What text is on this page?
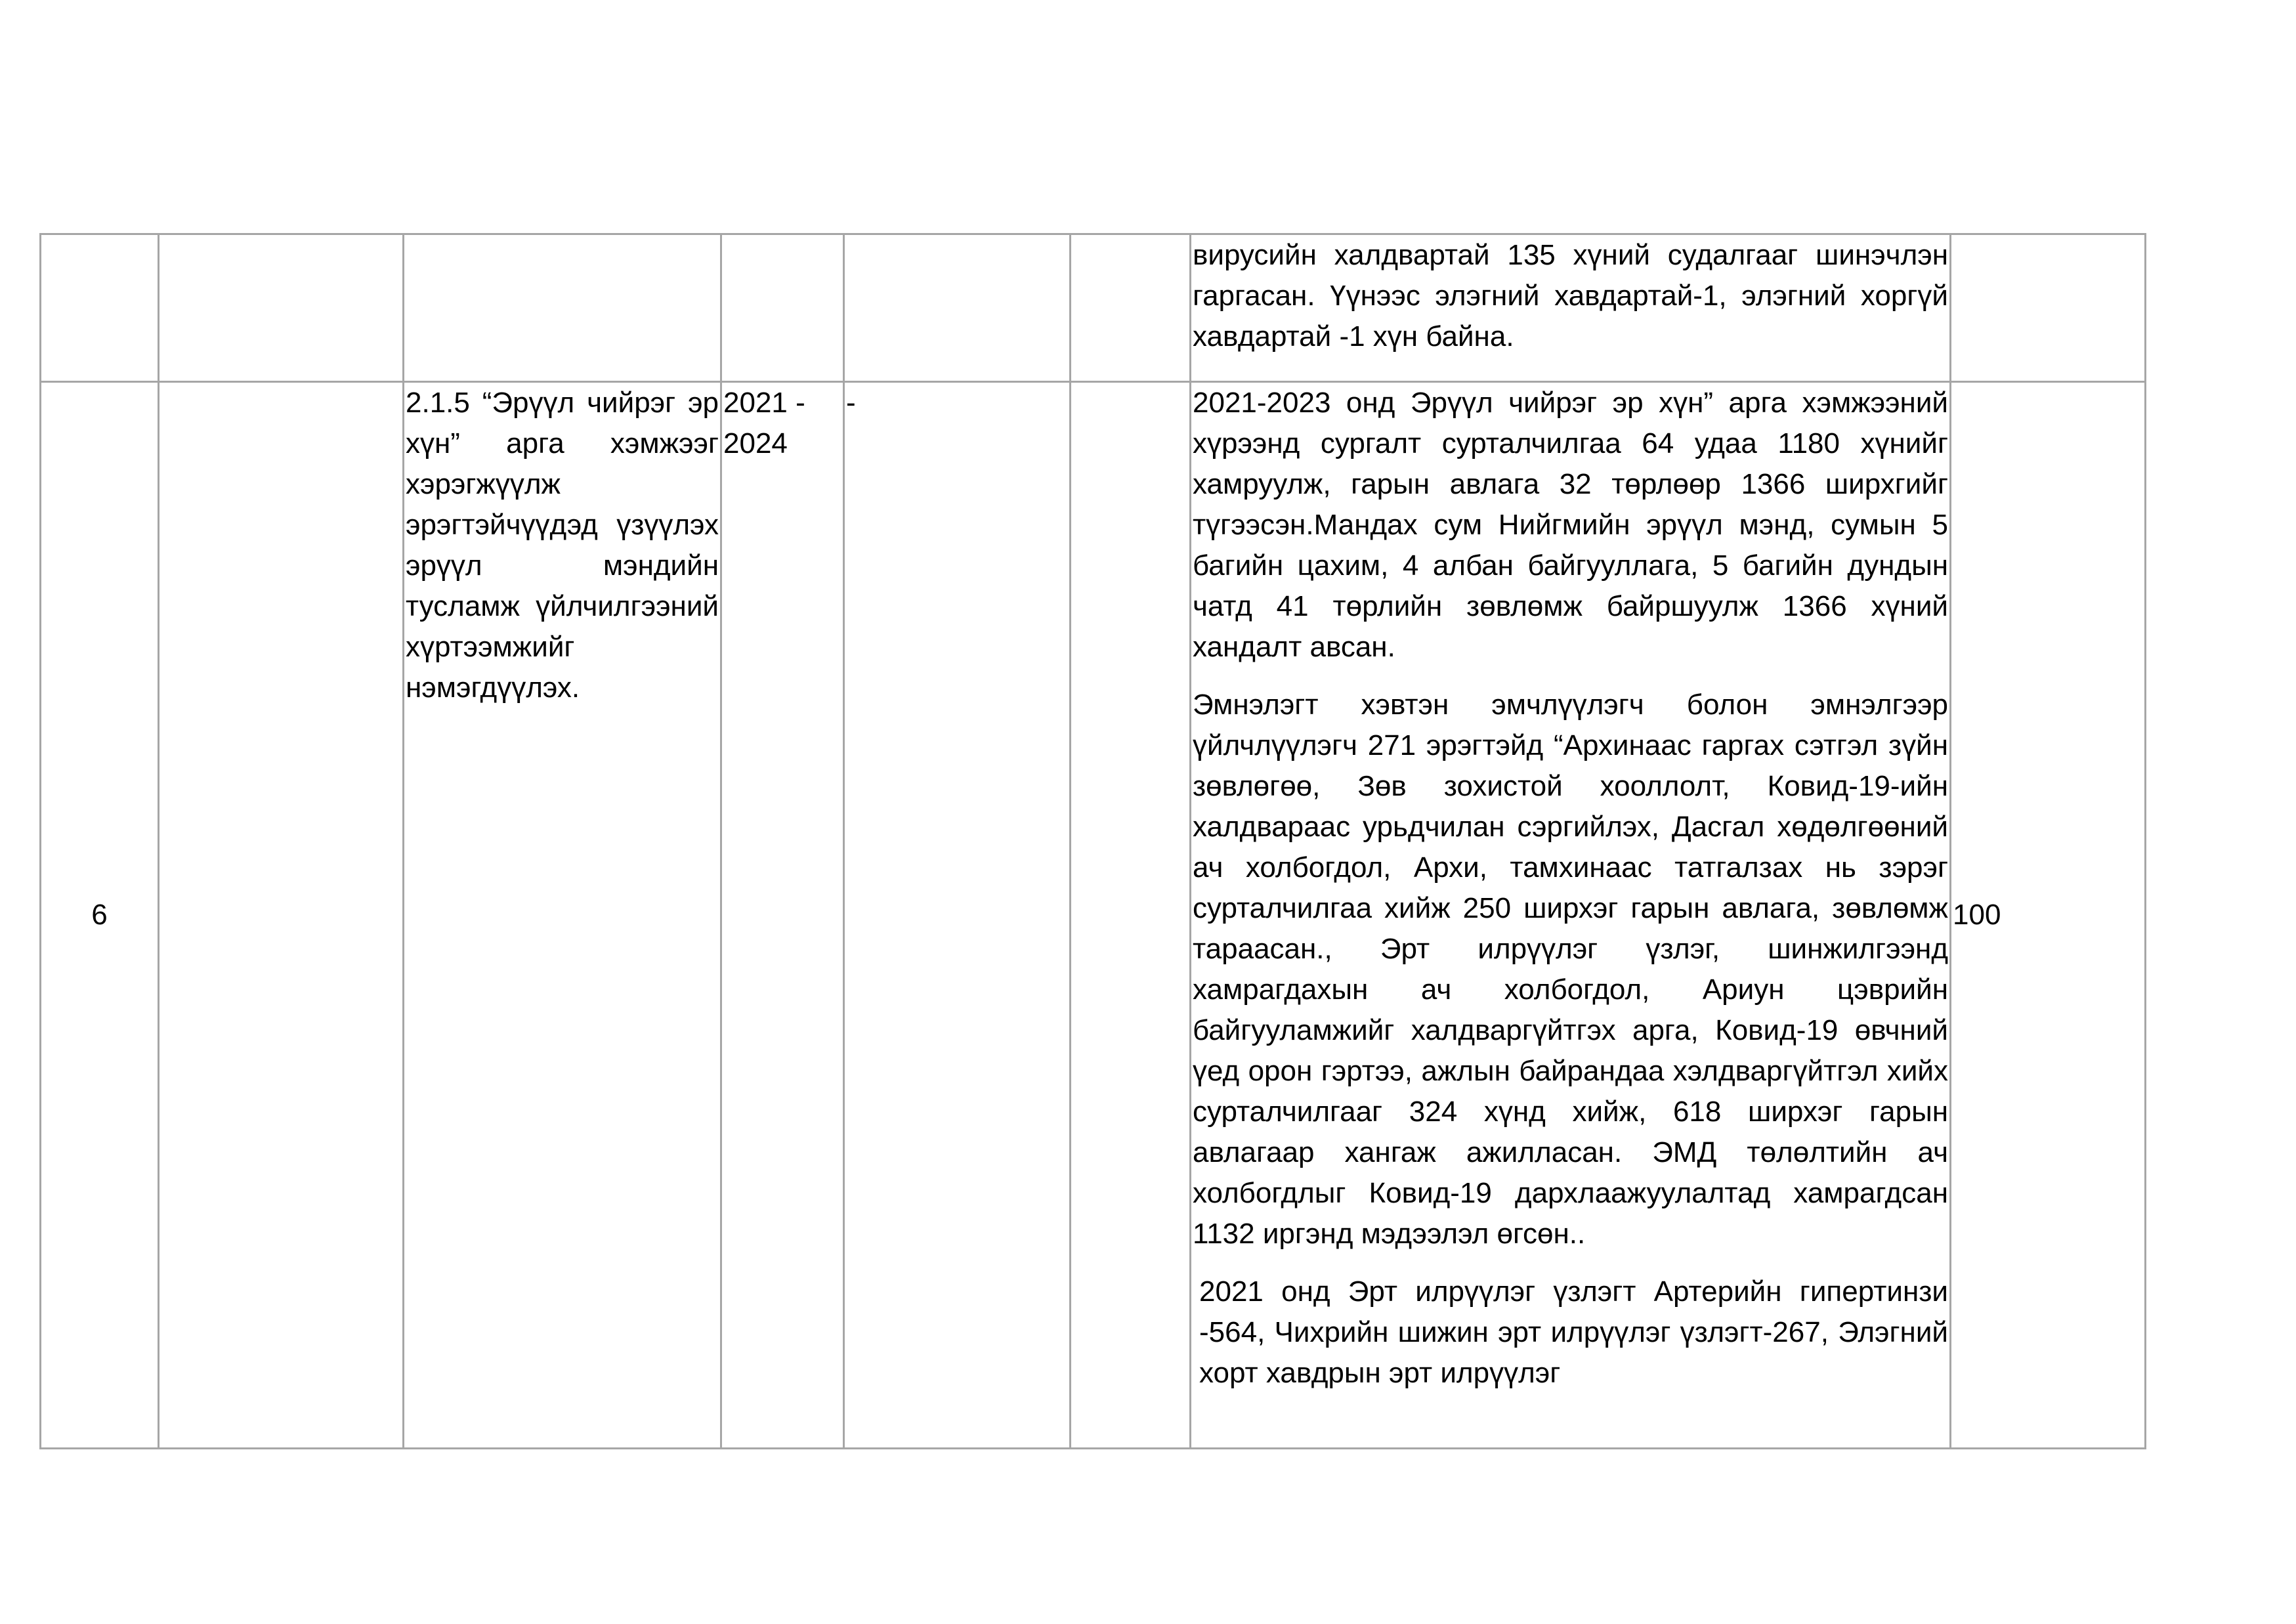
						вирусийн халдвартай 135 хүний судалгааг шинэчлэн гаргасан. Үүнээс элэгний хавдартай-1, элэгний хоргүй хавдартай -1 хүн байна.	
6		2.1.5 “Эрүүл чийрэг эр хүн” арга хэмжээг хэрэгжүүлж эрэгтэйчүүдэд үзүүлэх эрүүл мэндийн тусламж үйлчилгээний хүртээмжийг нэмэгдүүлэх.	2021 - 2024	-		2021-2023 онд Эрүүл чийрэг эр хүн” арга хэмжээний хүрээнд сургалт сурталчилгаа 64 удаа 1180 хүнийг хамруулж, гарын авлага 32 төрлөөр 1366 ширхгийг түгээсэн.Мандах сум Нийгмийн эрүүл мэнд, сумын 5 багийн цахим, 4 албан байгууллага, 5 багийн дундын чатд 41 төрлийн зөвлөмж байршуулж 1366 хүний хандалт авсан.

Эмнэлэгт хэвтэн эмчлүүлэгч болон эмнэлгээр үйлчлүүлэгч 271 эрэгтэйд “Архинаас гаргах сэтгэл зүйн зөвлөгөө, Зөв зохистой хооллолт, Ковид-19-ийн халдвараас урьдчилан сэргийлэх, Дасгал хөдөлгөөний ач холбогдол, Архи, тамхинаас татгалзах нь зэрэг сурталчилгаа хийж 250 ширхэг гарын авлага, зөвлөмж тараасан., Эрт илрүүлэг үзлэг, шинжилгээнд хамрагдахын ач холбогдол, Ариун цэврийн байгууламжийг халдваргүйтгэх арга, Ковид-19 өвчний үед орон гэртээ, ажлын байрандаа хэлдваргүйтгэл хийх сурталчилгааг 324 хүнд хийж, 618 ширхэг гарын авлагаар хангаж ажилласан. ЭМД төлөлтийн ач холбогдлыг Ковид-19 дархлаажуулалтад хамрагдсан 1132 иргэнд мэдээлэл өгсөн..

2021 онд Эрт илрүүлэг үзлэгт Артерийн гипертинзи -564, Чихрийн шижин эрт илрүүлэг үзлэгт-267, Элэгний хорт хавдрын эрт илрүүлэг	100
